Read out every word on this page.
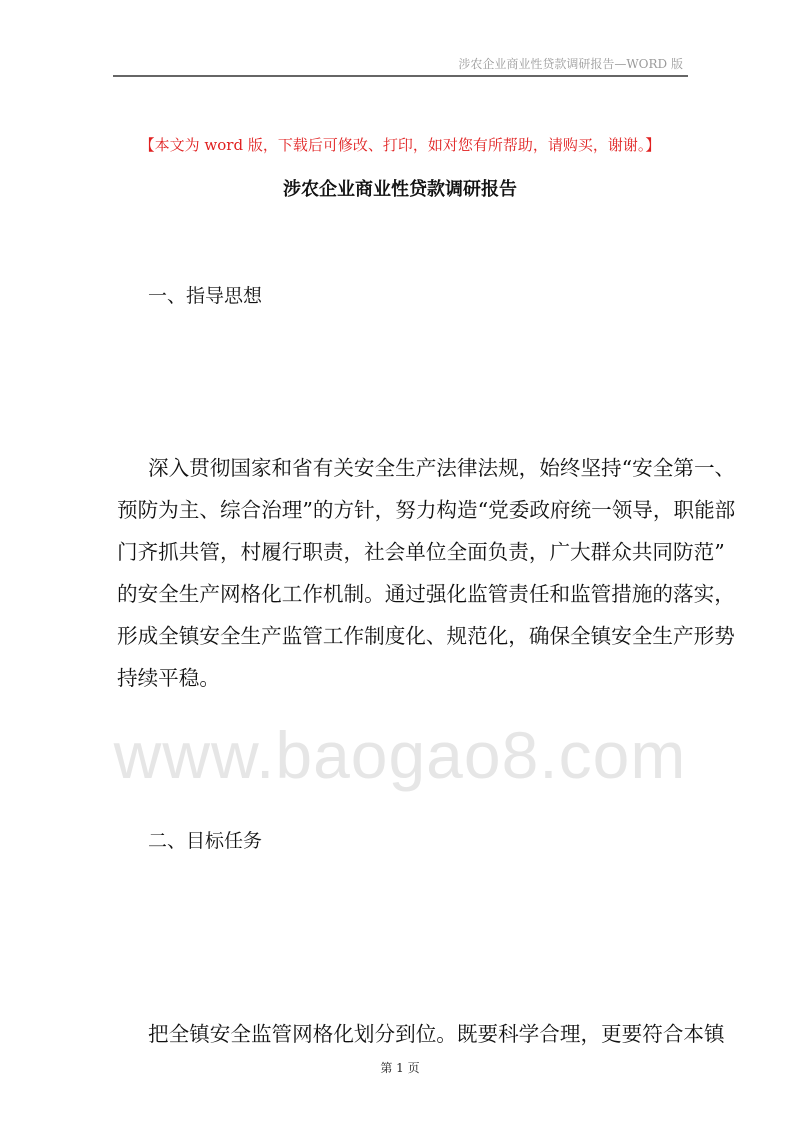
涉农企业商业性贷款调研报告—WORD 版
【本文为 word 版，下载后可修改、打印，如对您有所帮助，请购买，谢谢。】
涉农企业商业性贷款调研报告
一、指导思想
深入贯彻国家和省有关安全生产法律法规，始终坚持“安全第一、
预防为主、综合治理”的方针，努力构造“党委政府统一领导，职能部
门齐抓共管，村履行职责，社会单位全面负责，广大群众共同防范”
的安全生产网格化工作机制。通过强化监管责任和监管措施的落实，
形成全镇安全生产监管工作制度化、规范化，确保全镇安全生产形势
持续平稳。
www.baogao8.com
二、目标任务
把全镇安全监管网格化划分到位。既要科学合理，更要符合本镇
第 1 页
